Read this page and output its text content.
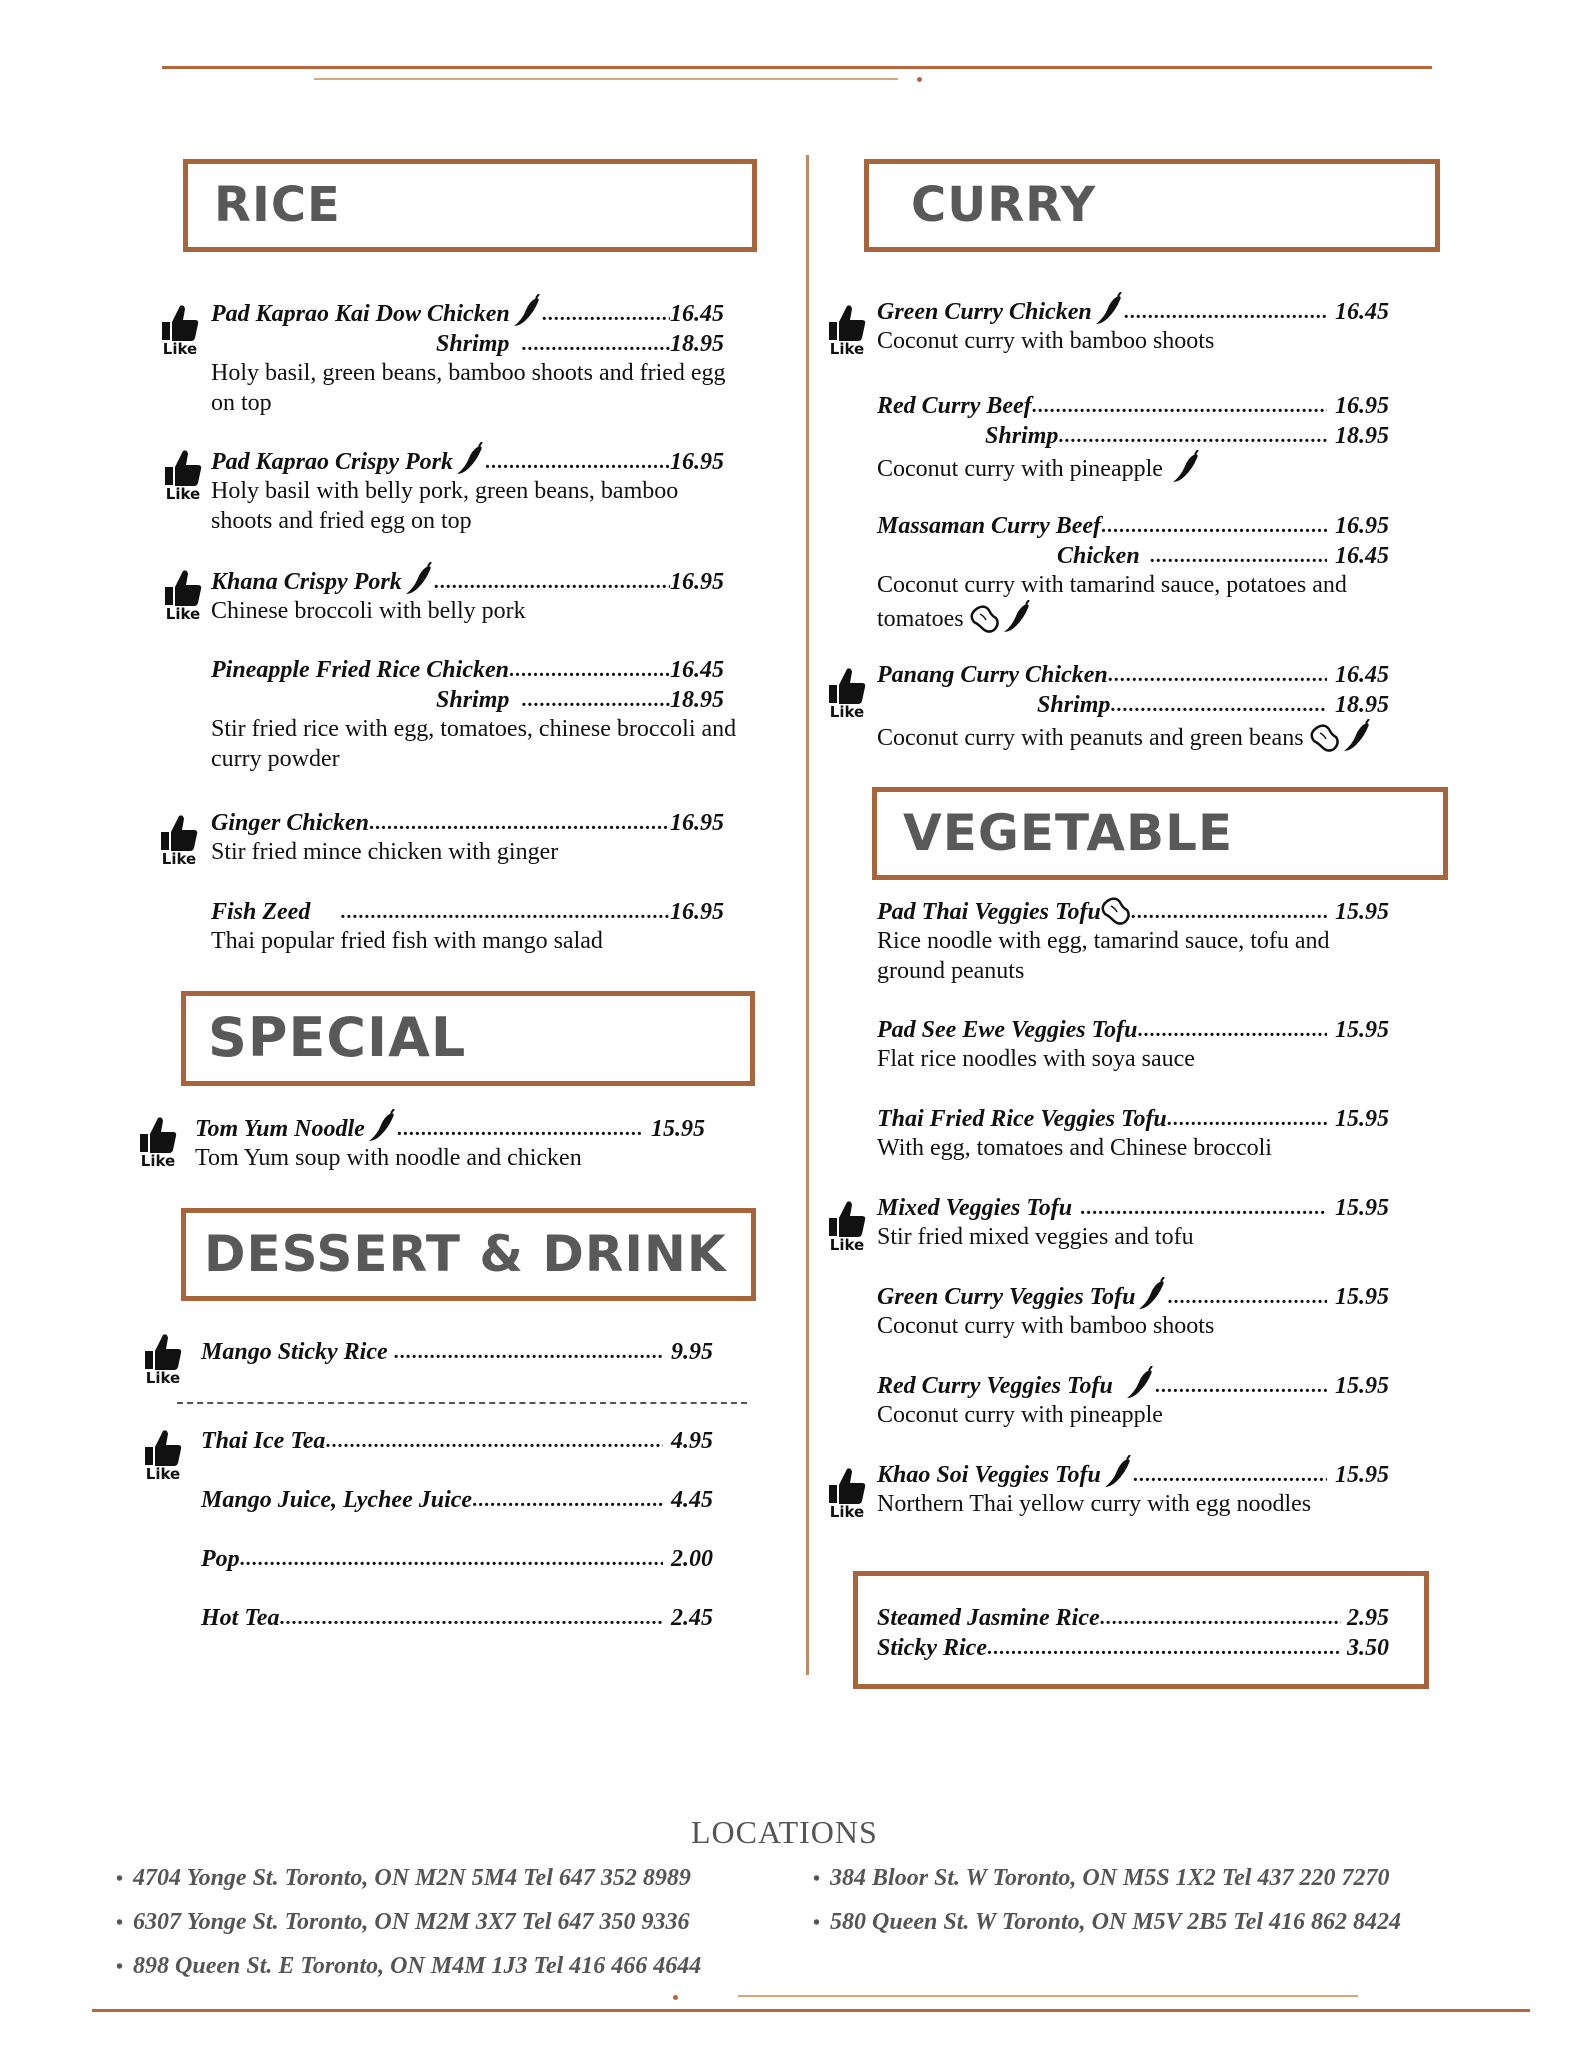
RICE
Like
Pad Kaprao Kai Dow Chicken .....	16.45
Shrimp .....	18.95
Holy basil, green beans, bamboo shoots and fried egg on top
Like
Pad Kaprao Crispy Pork .....	16.95
Holy basil with belly pork, green beans, bamboo shoots and fried egg on top
Like
Khana Crispy Pork .....	16.95
Chinese broccoli with belly pork
Pineapple Fried Rice Chicken .....	16.45
Shrimp .....	18.95
Stir fried rice with egg, tomatoes, chinese broccoli and curry powder
Like
Ginger Chicken .....	16.95
Stir fried mince chicken with ginger
Fish Zeed .....	16.95
Thai popular fried fish with mango salad
SPECIAL
Like
Tom Yum Noodle .....	15.95
Tom Yum soup with noodle and chicken
DESSERT & DRINK
Like
Mango Sticky Rice .....	9.95
Like
Thai Ice Tea .....	4.95
Mango Juice, Lychee Juice .....	4.45
Pop .....	2.00
Hot Tea .....	2.45
CURRY
Like
Green Curry Chicken .....	16.45
Coconut curry with bamboo shoots
Red Curry Beef .....	16.95
Shrimp .....	18.95
Coconut curry with pineapple
Massaman Curry Beef .....	16.95
Chicken .....	16.45
Coconut curry with tamarind sauce, potatoes and tomatoes
Like
Panang Curry Chicken .....	16.45
Shrimp .....	18.95
Coconut curry with peanuts and green beans
VEGETABLE
Pad Thai Veggies Tofu .....	15.95
Rice noodle with egg, tamarind sauce, tofu and ground peanuts
Pad See Ewe Veggies Tofu .....	15.95
Flat rice noodles with soya sauce
Thai Fried Rice Veggies Tofu .....	15.95
With egg, tomatoes and Chinese broccoli
Like
Mixed Veggies Tofu .....	15.95
Stir fried mixed veggies and tofu
Green Curry Veggies Tofu .....	15.95
Coconut curry with bamboo shoots
Red Curry Veggies Tofu .....	15.95
Coconut curry with pineapple
Like
Khao Soi Veggies Tofu .....	15.95
Northern Thai yellow curry with egg noodles
Steamed Jasmine Rice .....	2.95
Sticky Rice .....	3.50
LOCATIONS
• 4704 Yonge St. Toronto, ON M2N 5M4 Tel 647 352 8989	• 384 Bloor St. W Toronto, ON M5S 1X2 Tel 437 220 7270
• 6307 Yonge St. Toronto, ON M2M 3X7 Tel 647 350 9336	• 580 Queen St. W Toronto, ON M5V 2B5 Tel 416 862 8424
• 898 Queen St. E Toronto, ON M4M 1J3 Tel 416 466 4644
